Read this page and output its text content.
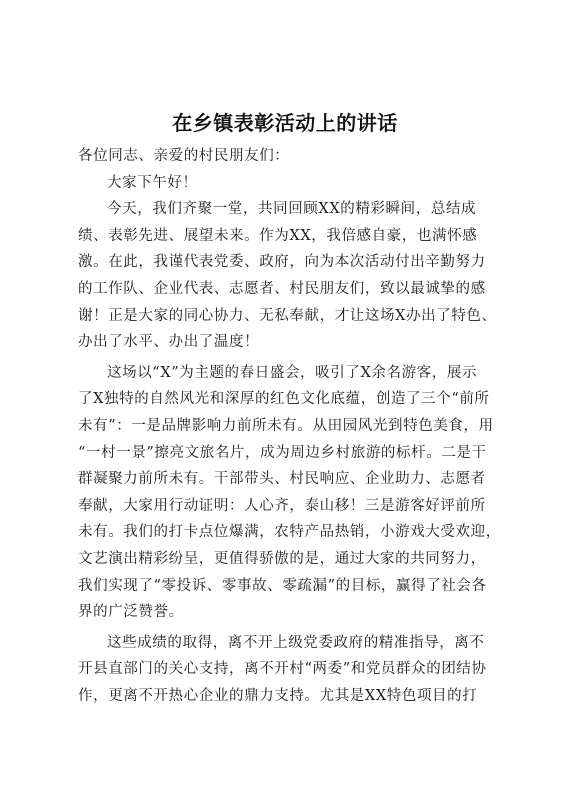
在乡镇表彰活动上的讲话
各位同志、亲爱的村民朋友们：
大家下午好！
今天，我们齐聚一堂，共同回顾XX的精彩瞬间，总结成
绩、表彰先进、展望未来。作为XX，我倍感自豪，也满怀感
激。在此，我谨代表党委、政府，向为本次活动付出辛勤努力
的工作队、企业代表、志愿者、村民朋友们，致以最诚挚的感
谢！正是大家的同心协力、无私奉献，才让这场X办出了特色、
办出了水平、办出了温度！
这场以“X”为主题的春日盛会，吸引了X余名游客，展示
了X独特的自然风光和深厚的红色文化底蕴，创造了三个“前所
未有”：一是品牌影响力前所未有。从田园风光到特色美食，用
“一村一景”擦亮文旅名片，成为周边乡村旅游的标杆。二是干
群凝聚力前所未有。干部带头、村民响应、企业助力、志愿者
奉献，大家用行动证明：人心齐，泰山移！三是游客好评前所
未有。我们的打卡点位爆满，农特产品热销，小游戏大受欢迎，
文艺演出精彩纷呈，更值得骄傲的是，通过大家的共同努力，
我们实现了“零投诉、零事故、零疏漏”的目标，赢得了社会各
界的广泛赞誉。
这些成绩的取得，离不开上级党委政府的精准指导，离不
开县直部门的关心支持，离不开村“两委”和党员群众的团结协
作，更离不开热心企业的鼎力支持。尤其是XX特色项目的打
